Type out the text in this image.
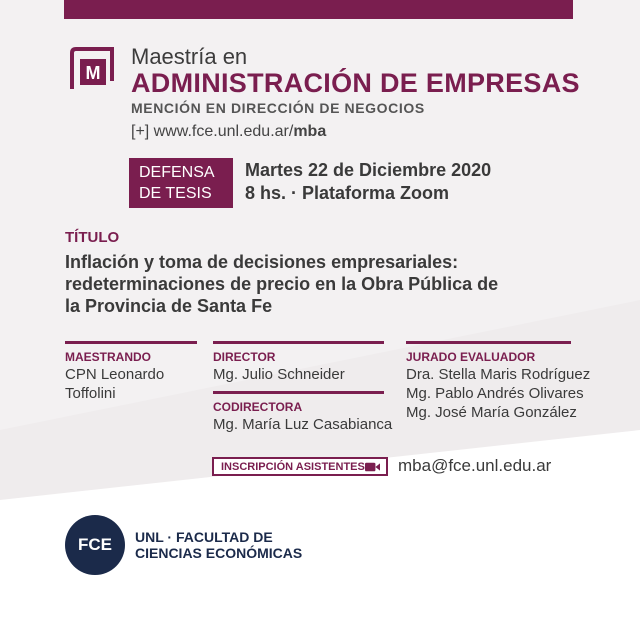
M
Maestría en
ADMINISTRACIÓN DE EMPRESAS
MENCIÓN EN DIRECCIÓN DE NEGOCIOS
[+] www.fce.unl.edu.ar/mba
DEFENSA
DE TESIS
Martes 22 de Diciembre 2020
8 hs. · Plataforma Zoom
TÍTULO
Inflación y toma de decisiones empresariales: redeterminaciones de precio en la Obra Pública de la Provincia de Santa Fe
MAESTRANDO
CPN Leonardo
Toffolini
DIRECTOR
Mg. Julio Schneider
CODIRECTORA
Mg. María Luz Casabianca
JURADO EVALUADOR
Dra. Stella Maris Rodríguez
Mg. Pablo Andrés Olivares
Mg. José María González
INSCRIPCIÓN ASISTENTES mba@fce.unl.edu.ar
FCE UNL · FACULTAD DE
CIENCIAS ECONÓMICAS
